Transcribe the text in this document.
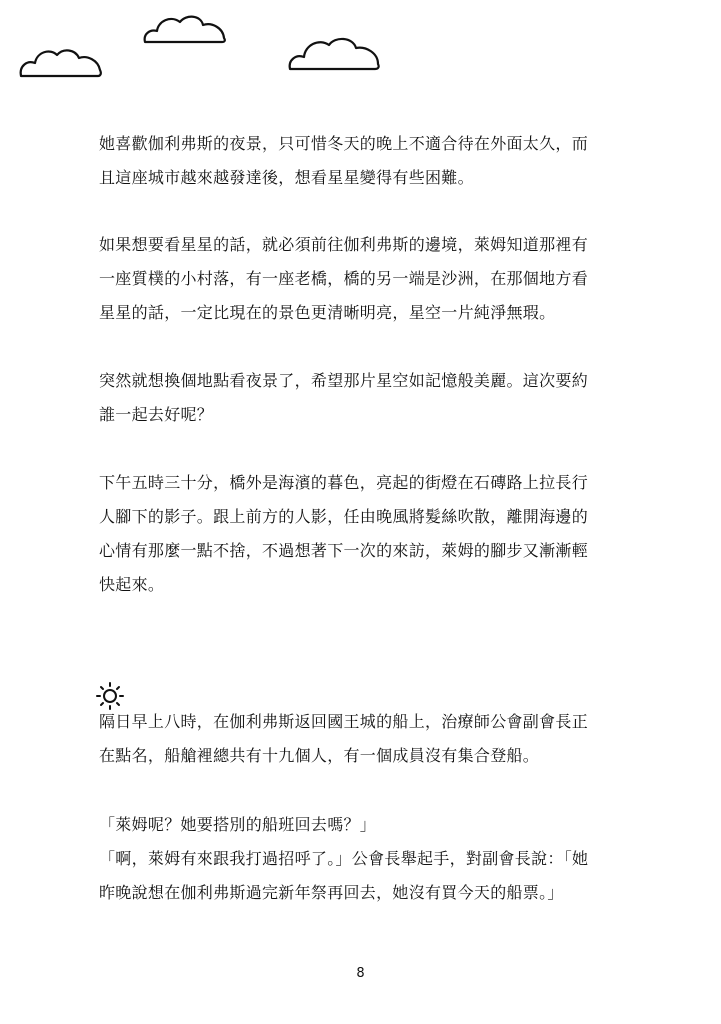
她喜歡伽利弗斯的夜景，只可惜冬天的晚上不適合待在外面太久，而
且這座城市越來越發達後，想看星星變得有些困難。
如果想要看星星的話，就必須前往伽利弗斯的邊境，萊姆知道那裡有
一座質樸的小村落，有一座老橋，橋的另一端是沙洲，在那個地方看
星星的話，一定比現在的景色更清晰明亮，星空一片純淨無瑕。
突然就想換個地點看夜景了，希望那片星空如記憶般美麗。這次要約
誰一起去好呢？
下午五時三十分，橋外是海濱的暮色，亮起的街燈在石磚路上拉長行
人腳下的影子。跟上前方的人影，任由晚風將髮絲吹散，離開海邊的
心情有那麼一點不捨，不過想著下一次的來訪，萊姆的腳步又漸漸輕
快起來。
隔日早上八時，在伽利弗斯返回國王城的船上，治療師公會副會長正
在點名，船艙裡總共有十九個人，有一個成員沒有集合登船。
「萊姆呢？她要搭別的船班回去嗎？」
「啊，萊姆有來跟我打過招呼了。」公會長舉起手，對副會長說：「她
昨晚說想在伽利弗斯過完新年祭再回去，她沒有買今天的船票。」
8
